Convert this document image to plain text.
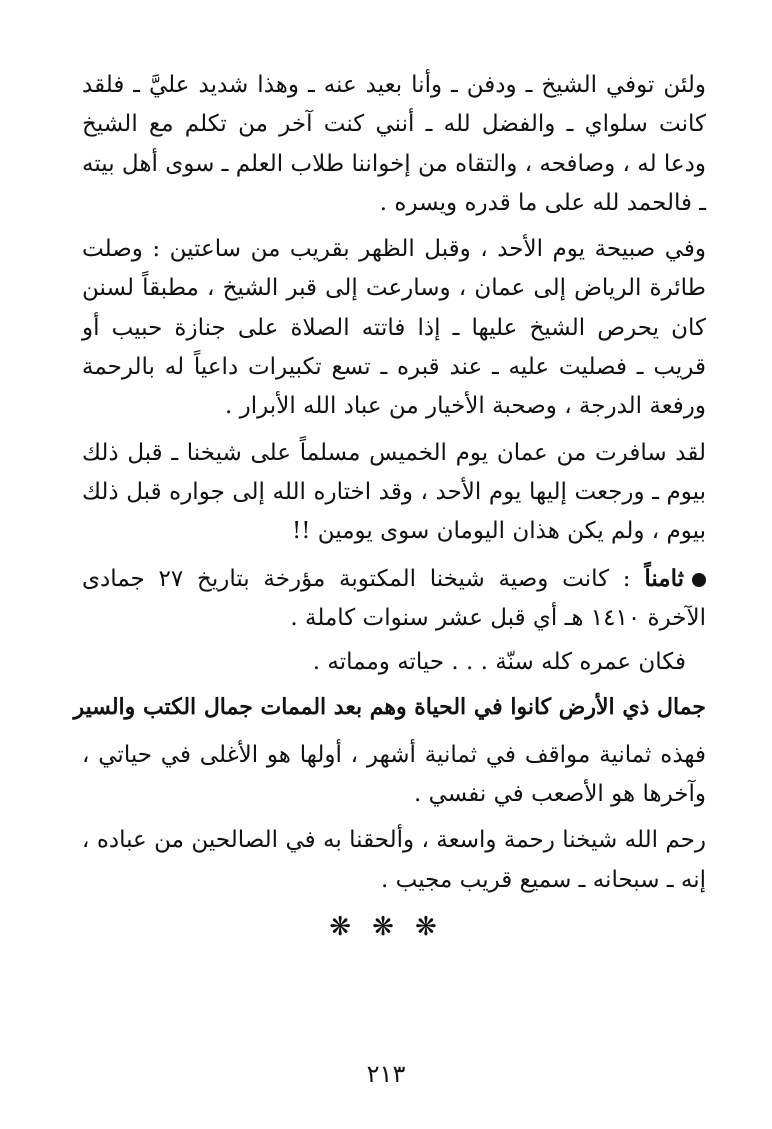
ولئن توفي الشيخ ـ ودفن ـ وأنا بعيد عنه ـ وهذا شديد عليَّ ـ فلقد كانت سلواي ـ والفضل لله ـ أنني كنت آخر من تكلم مع الشيخ ودعا له ، وصافحه ، والتقاه من إخواننا طلاب العلم ـ سوى أهل بيته ـ فالحمد لله على ما قدره ويسره .

وفي صبيحة يوم الأحد ، وقبل الظهر بقريب من ساعتين : وصلت طائرة الرياض إلى عمان ، وسارعت إلى قبر الشيخ ، مطبقاً لسنن كان يحرص الشيخ عليها ـ إذا فاتته الصلاة على جنازة حبيب أو قريب ـ فصليت عليه ـ عند قبره ـ تسع تكبيرات داعياً له بالرحمة ورفعة الدرجة ، وصحبة الأخيار من عباد الله الأبرار .

لقد سافرت من عمان يوم الخميس مسلماً على شيخنا ـ قبل ذلك بيوم ـ ورجعت إليها يوم الأحد ، وقد اختاره الله إلى جواره قبل ذلك بيوم ، ولم يكن هذان اليومان سوى يومين !!

ثامناً : كانت وصية شيخنا المكتوبة مؤرخة بتاريخ ٢٧ جمادى الآخرة ١٤١٠ هـ أي قبل عشر سنوات كاملة .

فكان عمره كله سنّة . . . حياته ومماته .

جمال ذي الأرض كانوا في الحياة وهم بعد الممات جمال الكتب والسير

فهذه ثمانية مواقف في ثمانية أشهر ، أولها هو الأغلى في حياتي ، وآخرها هو الأصعب في نفسي .

رحم الله شيخنا رحمة واسعة ، وألحقنا به في الصالحين من عباده ، إنه ـ سبحانه ـ سميع قريب مجيب .

❋ ❋ ❋
٢١٣
